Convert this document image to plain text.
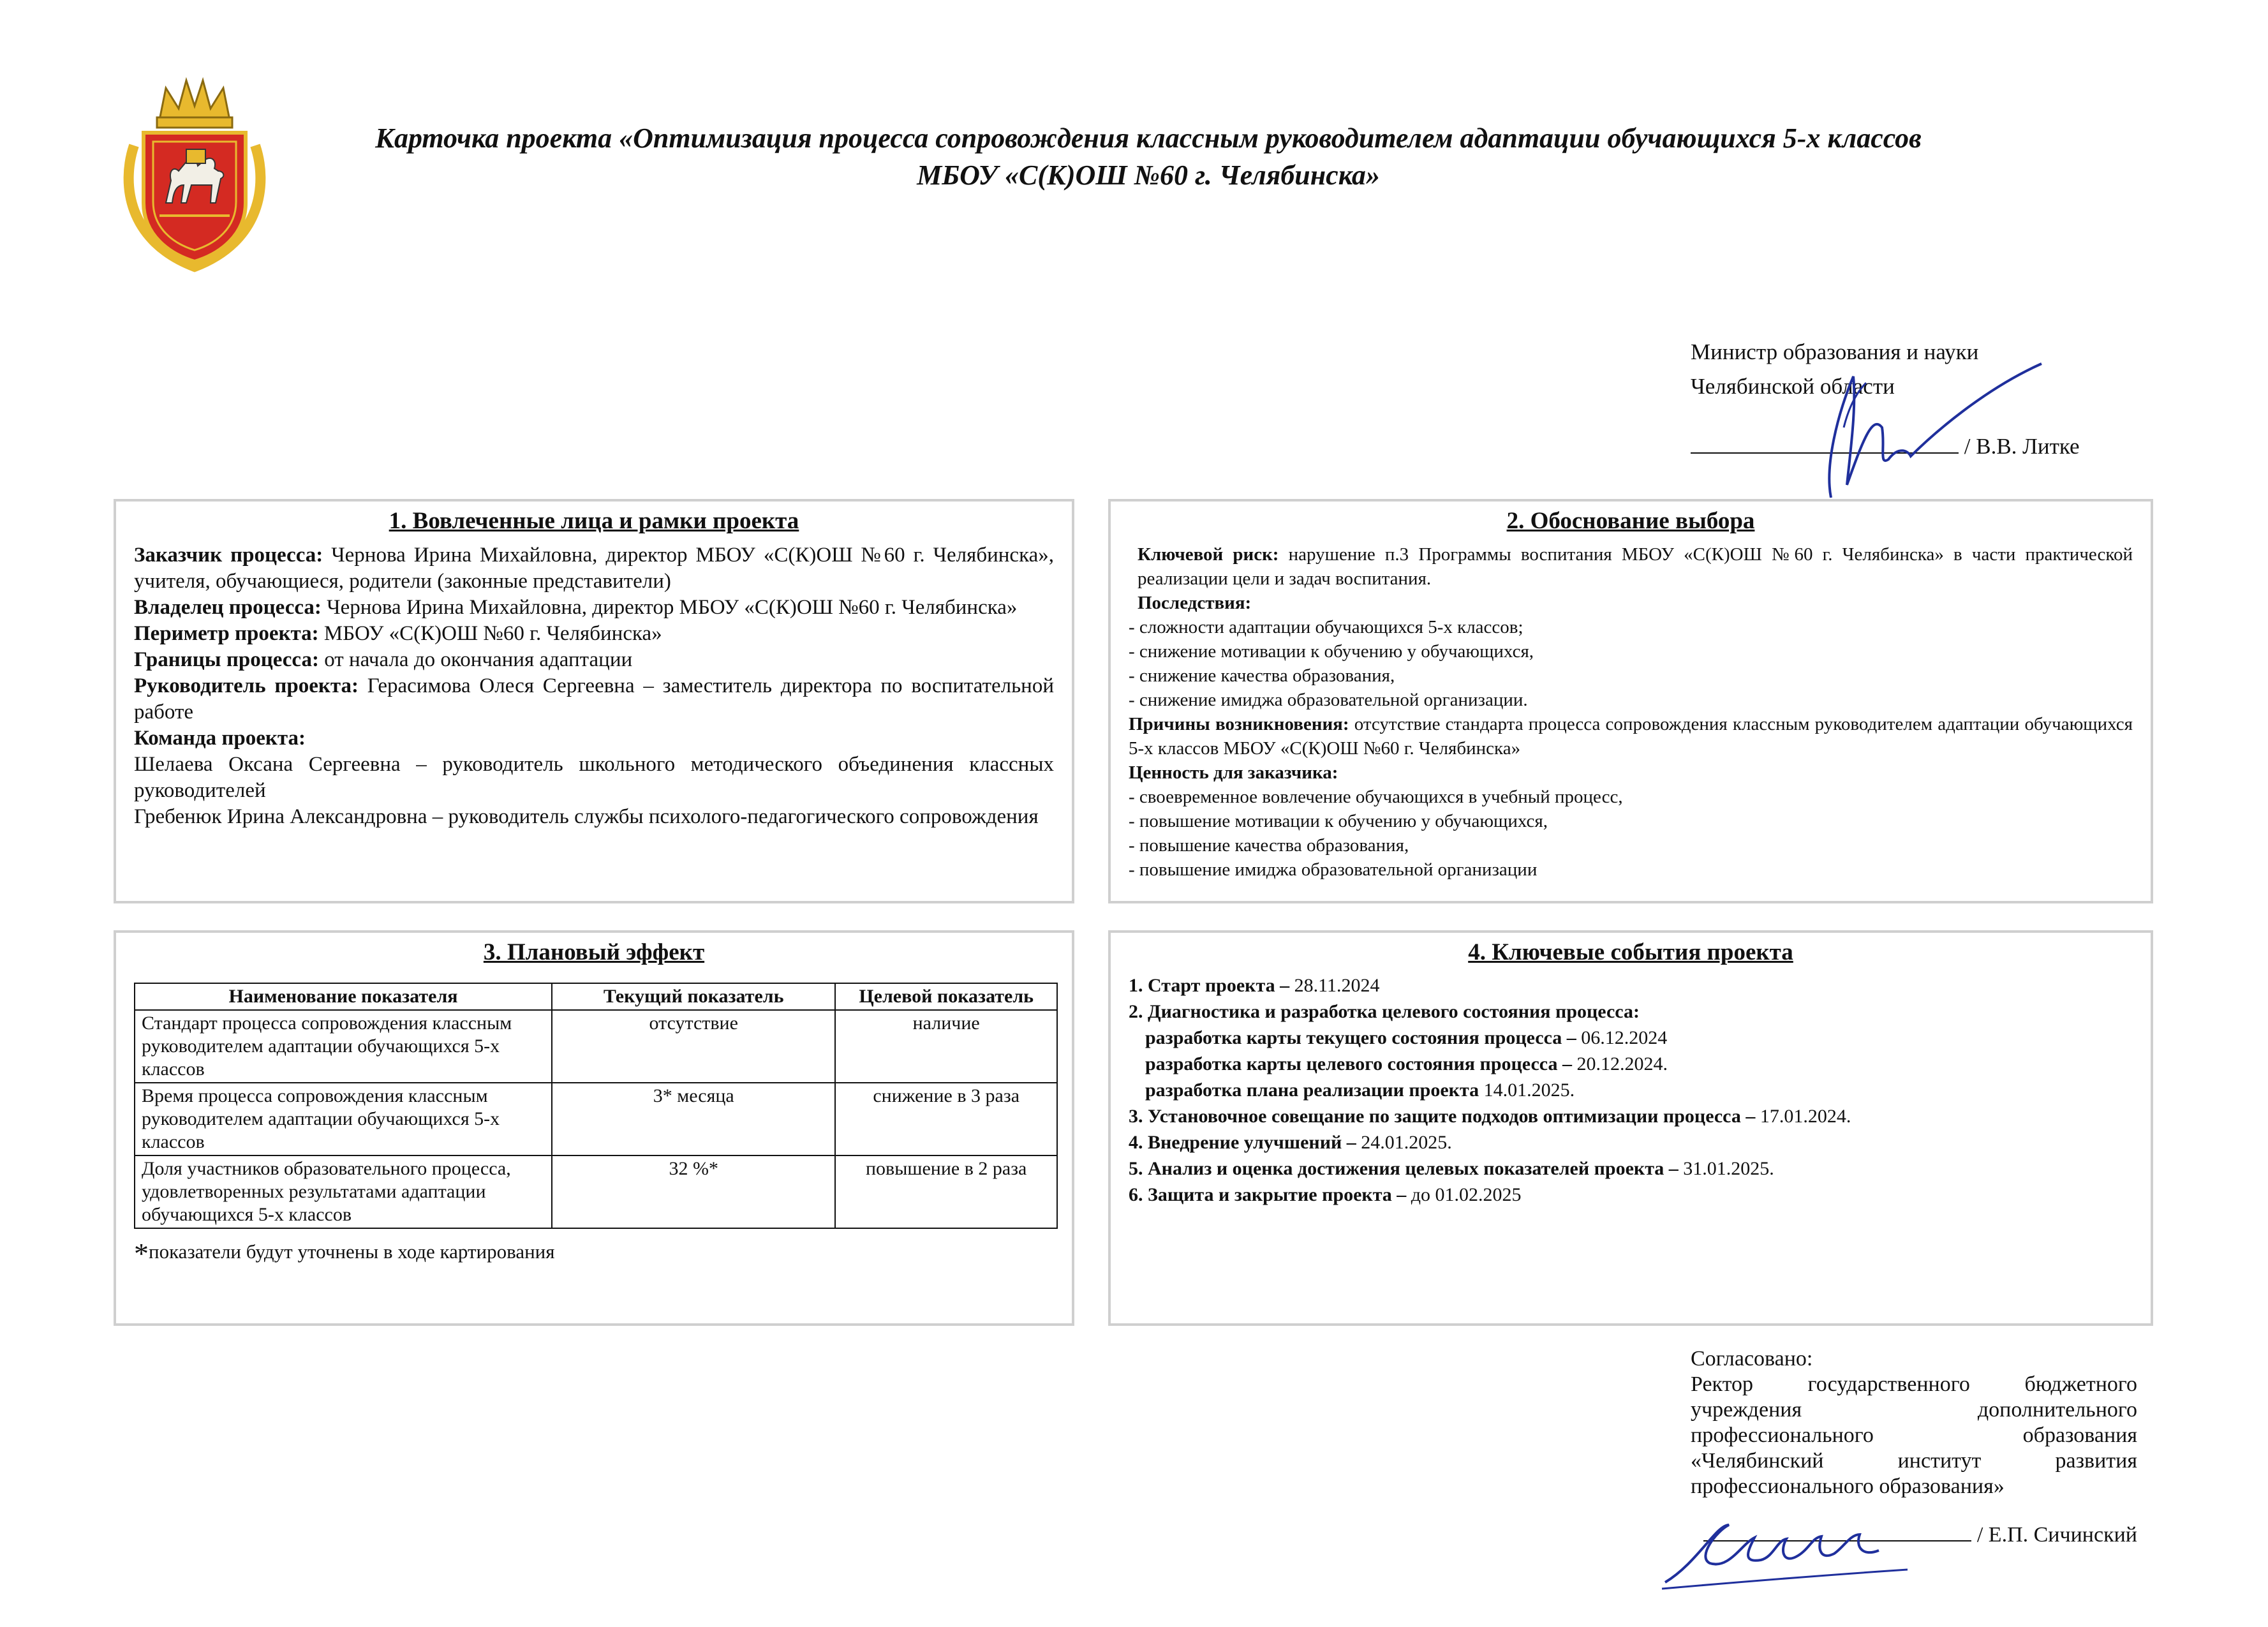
Карточка проекта «Оптимизация процесса сопровождения классным руководителем адаптации обучающихся 5-х классов
МБОУ «С(К)ОШ №60 г. Челябинска»
Министр образования и науки
Челябинской области
/ В.В. Литке
1. Вовлеченные лица и рамки проекта

Заказчик процесса: Чернова Ирина Михайловна, директор МБОУ «С(К)ОШ №60 г. Челябинска», учителя, обучающиеся, родители (законные представители)

Владелец процесса: Чернова Ирина Михайловна, директор МБОУ «С(К)ОШ №60 г. Челябинска»

Периметр проекта: МБОУ «С(К)ОШ №60 г. Челябинска»

Границы процесса: от начала до окончания адаптации

Руководитель проекта: Герасимова Олеся Сергеевна – заместитель директора по воспитательной работе

Команда проекта:

Шелаева Оксана Сергеевна – руководитель школьного методического объединения классных руководителей

Гребенюк Ирина Александровна – руководитель службы психолого-педагогического сопровождения

2. Обоснование выбора

Ключевой риск: нарушение п.3 Программы воспитания МБОУ «С(К)ОШ №60 г. Челябинска» в части практической реализации цели и задач воспитания.

Последствия:

- сложности адаптации обучающихся 5-х классов;

- снижение мотивации к обучению у обучающихся,

- снижение качества образования,

- снижение имиджа образовательной организации.

Причины возникновения: отсутствие стандарта процесса сопровождения классным руководителем адаптации обучающихся 5-х классов МБОУ «С(К)ОШ №60 г. Челябинска»

Ценность для заказчика:

- своевременное вовлечение обучающихся в учебный процесс,

- повышение мотивации к обучению у обучающихся,

- повышение качества образования,

- повышение имиджа образовательной организации

3. Плановый эффект
Наименование показателя	Текущий показатель	Целевой показатель
Стандарт процесса сопровождения классным руководителем адаптации обучающихся 5-х классов	отсутствие	наличие
Время процесса сопровождения классным руководителем адаптации обучающихся 5-х классов	3* месяца	снижение в 3 раза
Доля участников образовательного процесса, удовлетворенных результатами адаптации обучающихся 5-х классов	32 %*	повышение в 2 раза
*показатели будут уточнены в ходе картирования
4. Ключевые события проекта

1. Старт проекта – 28.11.2024

2. Диагностика и разработка целевого состояния процесса:

разработка карты текущего состояния процесса – 06.12.2024

разработка карты целевого состояния процесса – 20.12.2024.

разработка плана реализации проекта 14.01.2025.

3. Установочное совещание по защите подходов оптимизации процесса – 17.01.2024.

4. Внедрение улучшений – 24.01.2025.

5. Анализ и оценка достижения целевых показателей проекта – 31.01.2025.

6. Защита и закрытие проекта – до 01.02.2025

Согласовано:
Ректор государственного бюджетного
учреждения дополнительного
профессионального образования
«Челябинский институт развития
профессионального образования»
/ Е.П. Сичинский
